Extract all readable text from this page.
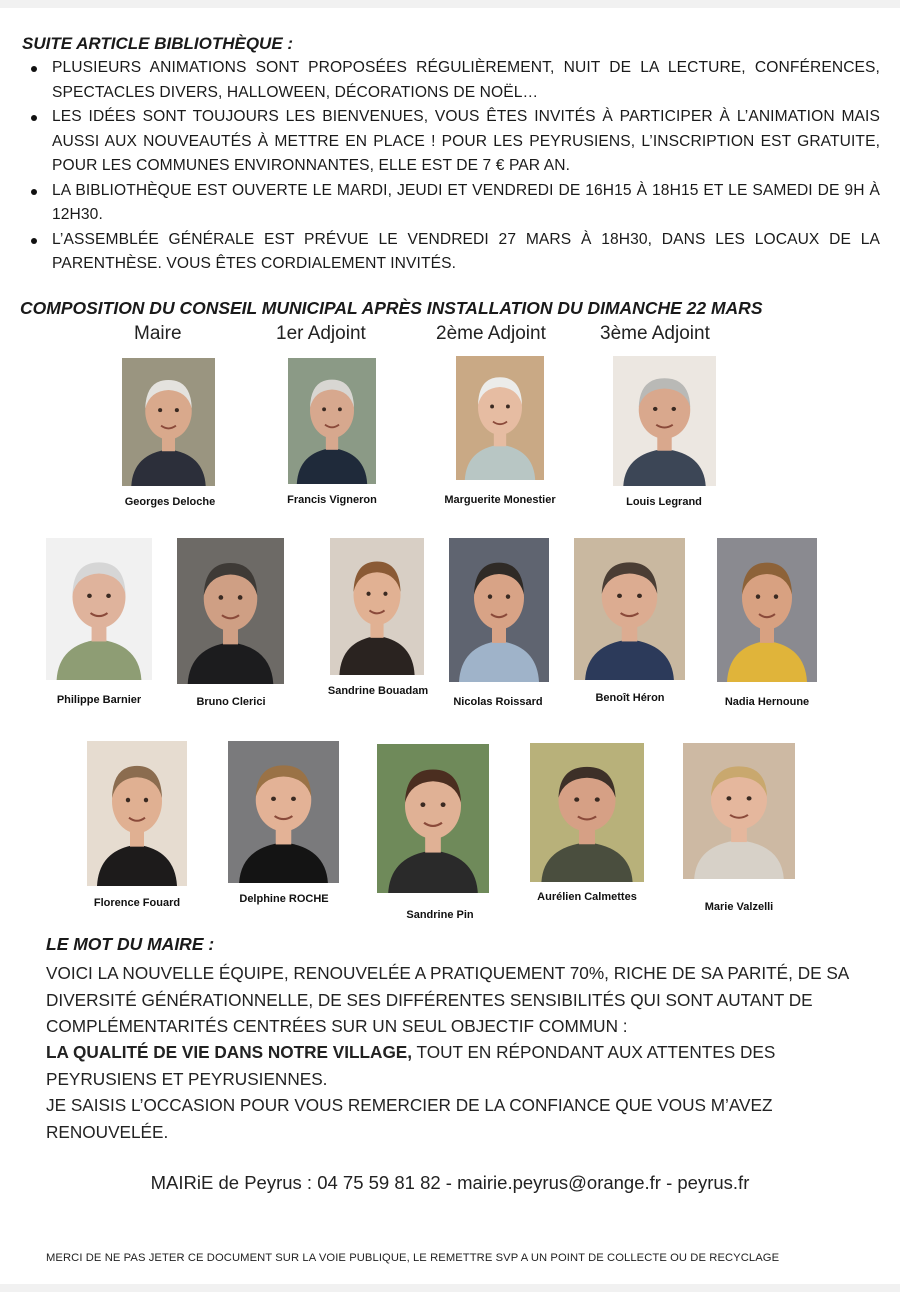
SUITE ARTICLE BIBLIOTHÈQUE :
PLUSIEURS ANIMATIONS SONT PROPOSÉES RÉGULIÈREMENT, NUIT DE LA LECTURE, CONFÉRENCES, SPECTACLES DIVERS, HALLOWEEN, DÉCORATIONS DE NOËL…
LES IDÉES SONT TOUJOURS LES BIENVENUES, VOUS ÊTES INVITÉS À PARTICIPER À L’ANIMATION MAIS AUSSI AUX NOUVEAUTÉS À METTRE EN PLACE ! POUR LES PEYRUSIENS, L’INSCRIPTION EST GRATUITE, POUR LES COMMUNES ENVIRONNANTES, ELLE EST DE 7 € PAR AN.
LA BIBLIOTHÈQUE EST OUVERTE LE MARDI, JEUDI ET VENDREDI DE 16H15 À 18H15 ET LE SAMEDI DE 9H À 12H30.
L’ASSEMBLÉE GÉNÉRALE EST PRÉVUE LE VENDREDI 27 MARS À 18H30, DANS LES LOCAUX DE LA PARENTHÈSE. VOUS ÊTES CORDIALEMENT INVITÉS.
COMPOSITION DU CONSEIL MUNICIPAL APRÈS INSTALLATION DU DIMANCHE 22 MARS
Maire	1er Adjoint	2ème Adjoint	3ème Adjoint
Georges Deloche	Francis Vigneron	Marguerite Monestier	Louis Legrand
Philippe Barnier	Bruno Clerici
Sandrine Bouadam
Nicolas Roissard	Benoît Héron	Nadia Hernoune
Florence Fouard	Delphine ROCHE
Sandrine Pin
Aurélien Calmettes
Marie Valzelli
LE MOT DU MAIRE :
VOICI LA NOUVELLE ÉQUIPE, RENOUVELÉE A PRATIQUEMENT 70%, RICHE DE SA PARITÉ, DE SA DIVERSITÉ GÉNÉRATIONNELLE, DE SES DIFFÉRENTES SENSIBILITÉS QUI SONT AUTANT DE COMPLÉMENTARITÉS CENTRÉES SUR UN SEUL OBJECTIF COMMUN :
LA QUALITÉ DE VIE DANS NOTRE VILLAGE, TOUT EN RÉPONDANT AUX ATTENTES DES PEYRUSIENS ET PEYRUSIENNES.
JE SAISIS L’OCCASION POUR VOUS REMERCIER DE LA CONFIANCE QUE VOUS M’AVEZ RENOUVELÉE.
MAIRiE de Peyrus : 04 75 59 81 82 - mairie.peyrus@orange.fr - peyrus.fr
MERCI DE NE PAS JETER CE DOCUMENT SUR LA VOIE PUBLIQUE, LE REMETTRE SVP A UN POINT DE COLLECTE OU DE RECYCLAGE
